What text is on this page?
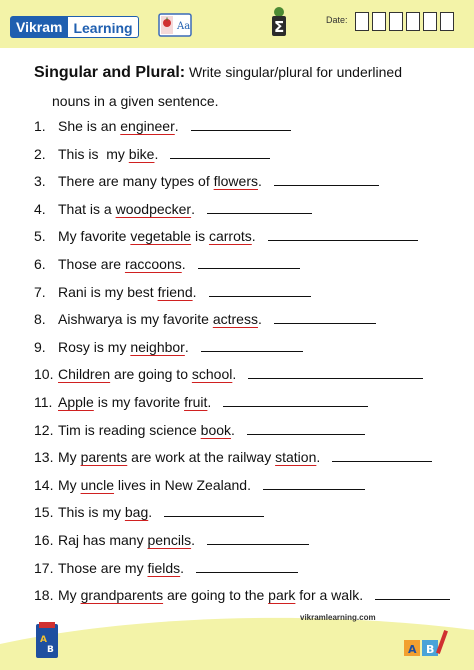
Vikram Learning	Aa	Σ	Date:
Singular and Plural: Write singular/plural for underlined
nouns in a given sentence.
1. She is an engineer .
2. This is  my bike .
3. There are many types of flowers .
4. That is a woodpecker .
5. My favorite vegetable is carrots .
6. Those are raccoons .
7. Rani is my best friend .
8. Aishwarya is my favorite actress .
9. Rosy is my neighbor .
10. Children are going to school .
11. Apple is my favorite fruit .
12. Tim is reading science book .
13. My parents are work at the railway station .
14. My uncle lives in New Zealand.
15. This is my bag .
16. Raj has many pencils .
17. Those are my fields .
18. My grandparents are going to the park for a walk.
A
B
vikramlearning.com
A B
